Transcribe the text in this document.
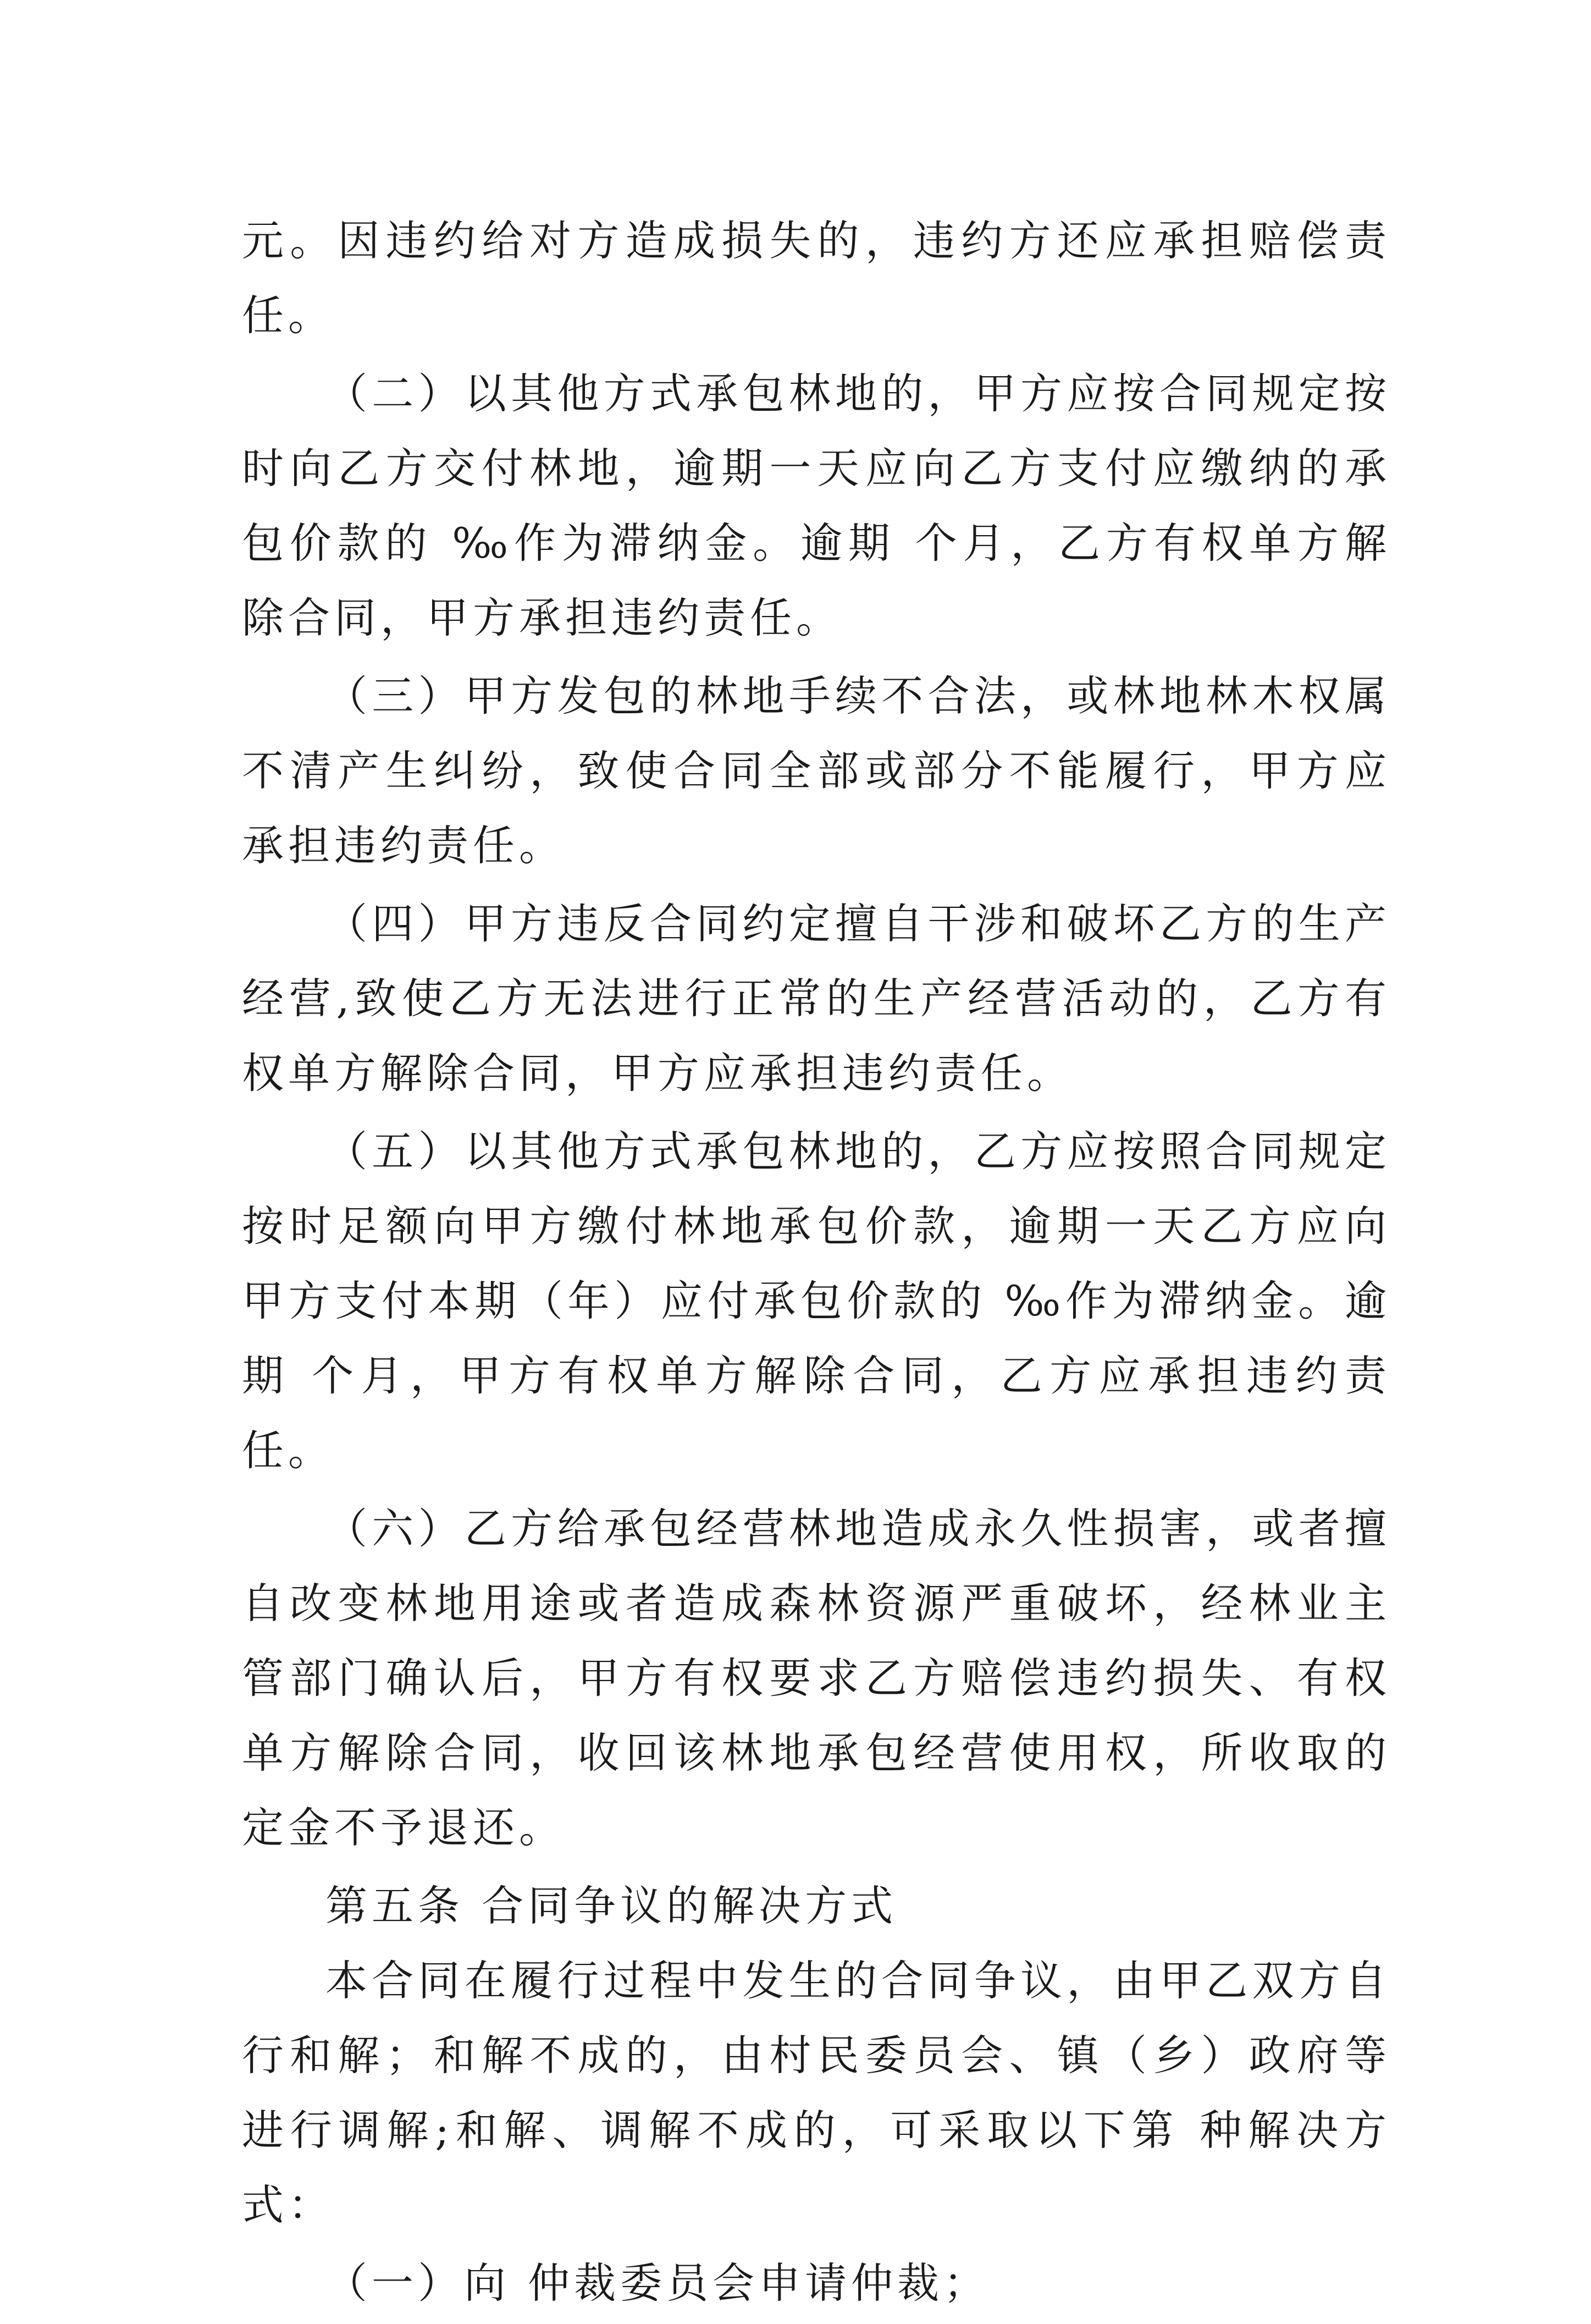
元。因违约给对方造成损失的，违约方还应承担赔偿责任。

（二）以其他方式承包林地的，甲方应按合同规定按时向乙方交付林地，逾期一天应向乙方支付应缴纳的承包价款的 ‰作为滞纳金。逾期 个月，乙方有权单方解除合同，甲方承担违约责任。

（三）甲方发包的林地手续不合法，或林地林木权属不清产生纠纷，致使合同全部或部分不能履行，甲方应承担违约责任。

（四）甲方违反合同约定擅自干涉和破坏乙方的生产经营,致使乙方无法进行正常的生产经营活动的，乙方有权单方解除合同，甲方应承担违约责任。

（五）以其他方式承包林地的，乙方应按照合同规定按时足额向甲方缴付林地承包价款，逾期一天乙方应向甲方支付本期（年）应付承包价款的 ‰作为滞纳金。逾期 个月，甲方有权单方解除合同，乙方应承担违约责任。

（六）乙方给承包经营林地造成永久性损害，或者擅自改变林地用途或者造成森林资源严重破坏，经林业主管部门确认后，甲方有权要求乙方赔偿违约损失、有权单方解除合同，收回该林地承包经营使用权，所收取的定金不予退还。

第五条 合同争议的解决方式

本合同在履行过程中发生的合同争议，由甲乙双方自行和解；和解不成的，由村民委员会、镇（乡）政府等进行调解;和解、调解不成的，可采取以下第 种解决方式：

（一）向 仲裁委员会申请仲裁；
